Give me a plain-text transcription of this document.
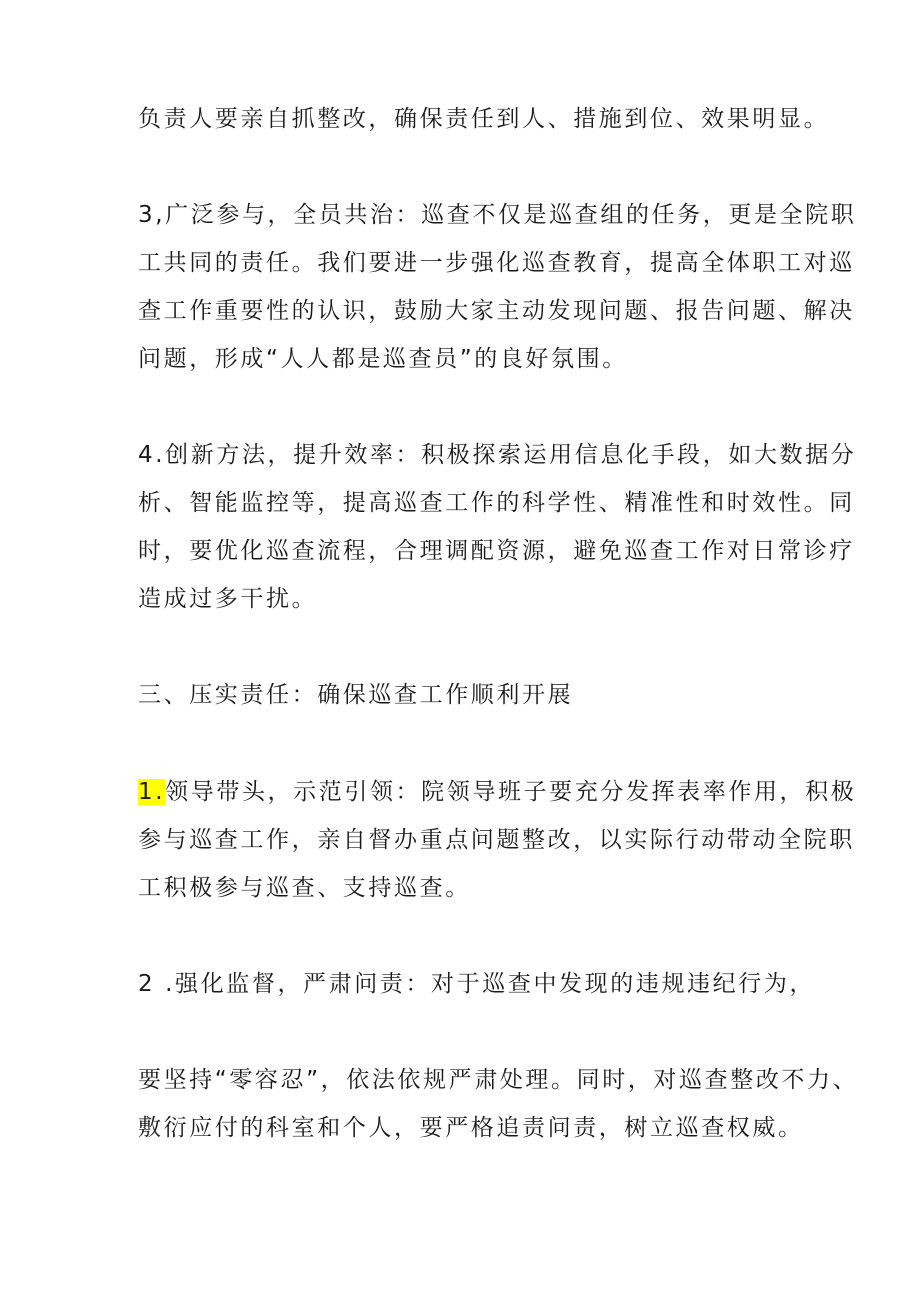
负责人要亲自抓整改，确保责任到人、措施到位、效果明显。

3,广泛参与，全员共治：巡查不仅是巡查组的任务，更是全院职

工共同的责任。我们要进一步强化巡查教育，提高全体职工对巡

查工作重要性的认识，鼓励大家主动发现问题、报告问题、解决

问题，形成“人人都是巡查员”的良好氛围。

4.创新方法，提升效率：积极探索运用信息化手段，如大数据分

析、智能监控等，提高巡查工作的科学性、精准性和时效性。同

时，要优化巡查流程，合理调配资源，避免巡查工作对日常诊疗

造成过多干扰。

三、压实责任：确保巡查工作顺利开展

1.领导带头，示范引领：院领导班子要充分发挥表率作用，积极

参与巡查工作，亲自督办重点问题整改，以实际行动带动全院职

工积极参与巡查、支持巡查。

2 .强化监督，严肃问责：对于巡查中发现的违规违纪行为，

要坚持“零容忍”，依法依规严肃处理。同时，对巡查整改不力、

敷衍应付的科室和个人，要严格追责问责，树立巡查权威。
